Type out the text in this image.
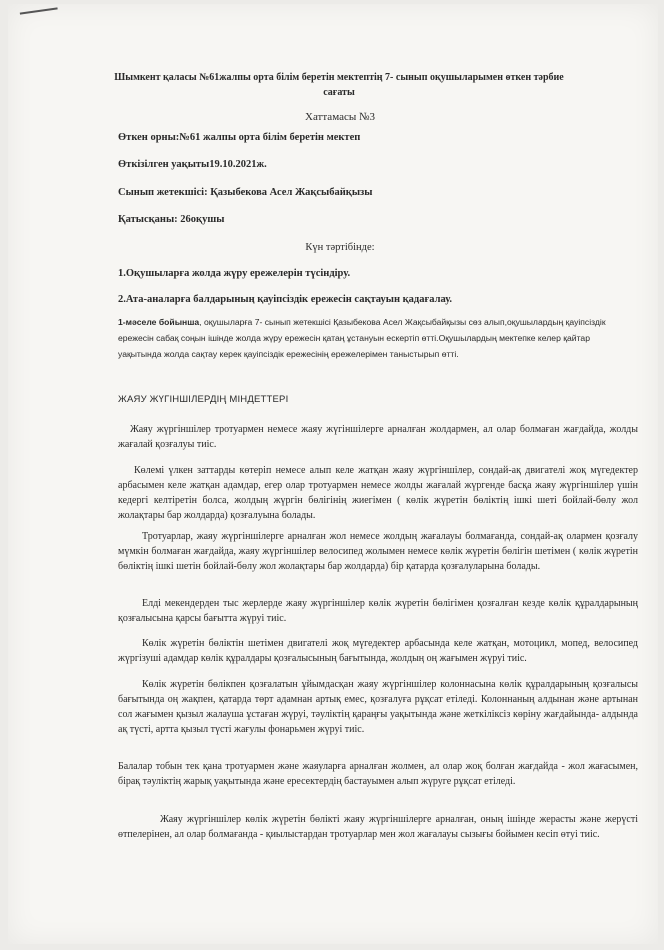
Шымкент қаласы №61жалпы орта білім беретін мектептің 7- сынып оқушыларымен өткен тәрбие сағаты
Хаттамасы №3
Өткен орны:№61 жалпы орта білім беретін мектеп
Өткізілген уақыты19.10.2021ж.
Сынып жетекшісі: Қазыбекова Асел Жақсыбайқызы
Қатысқаны: 26оқушы
Күн тәртібінде:
1.Оқушыларға жолда жүру ережелерін түсіндіру.
2.Ата-аналарға балдарының қауіпсіздік ережесін сақтауын қадағалау.
1-мәселе бойынша, оқушыларға 7- сынып жетекшісі Қазыбекова Асел Жақсыбайқызы сөз алып,оқушылардың қауіпсіздік ережесін сабақ соңын ішінде жолда жүру ережесін қатаң ұстануын ескертіп өтті.Оқушылардың мектепке келер қайтар уақытында жолда сақтау керек қауіпсіздік ережесінің ережелерімен таныстырып өтті.
ЖАЯУ ЖҮГІНШІЛЕРДІҢ МІНДЕТТЕРІ
Жаяу жүргіншілер тротуармен немесе жаяу жүгіншілерге арналған жолдармен, ал олар болмаған жағдайда, жолды жағалай қозғалуы тиіс.
Көлемі үлкен заттарды көтеріп немесе алып келе жатқан жаяу жүргіншілер, сондай-ақ двигателі жоқ мүгедектер арбасымен келе жатқан адамдар, егер олар тротуармен немесе жолды жағалай жүргенде басқа жаяу жүргіншілер үшін кедергі келтіретін болса, жолдың жүргін бөлігінің жиегімен ( көлік жүретін бөліктің ішкі шеті бойлай-бөлу жол жолақтары бар жолдарда) қозғалуына болады.
Тротуарлар, жаяу жүргіншілерге арналған жол немесе жолдың жағалауы болмағанда, сондай-ақ олармен қозғалу мүмкін болмаған жағдайда, жаяу жүргіншілер велосипед жолымен немесе көлік жүретін бөлігін шетімен ( көлік жүретін бөліктің ішкі шетін бойлай-бөлу жол жолақтары бар жолдарда) бір қатарда қозғалуларына болады.
Елді мекендерден тыс жерлерде жаяу жүргіншілер көлік жүретін бөлігімен қозғалған кезде көлік құралдарының қозғалысына қарсы бағытта жүруі тиіс.
Көлік жүретін бөліктін шетімен двигателі жоқ мүгедектер арбасында келе жатқан, мотоцикл, мопед, велосипед жүргізуші адамдар көлік құралдары қозғалысының бағытында, жолдың оң жағымен жүруі тиіс.
Көлік жүретін бөлікпен қозғалатын ұйымдасқан жаяу жүргіншілер колоннасына көлік құралдарының қозғалысы бағытында оң жақпен, қатарда төрт адамнан артық емес, қозғалуға рұқсат етіледі. Колоннаның алдынан және артынан сол жағымен қызыл жалауша ұстаған жүруі, тәуліктің қараңғы уақытында және жеткіліксіз көріну жағдайында- алдында ақ түсті, артта қызыл түсті жағулы фонарьмен жүруі тиіс.
Балалар тобын тек қана тротуармен және жаяуларға арналған жолмен, ал олар жоқ болған жағдайда - жол жағасымен, бірақ тәуліктің жарық уақытында және ересектердің бастауымен алып жүруге рұқсат етіледі.
Жаяу жүргіншілер көлік жүретін бөлікті жаяу жүргіншілерге арналған, оның ішінде жерасты және жерүсті өтпелерінен, ал олар болмағанда - қиылыстардан тротуарлар мен жол жағалауы сызығы бойымен кесіп өтуі тиіс.
